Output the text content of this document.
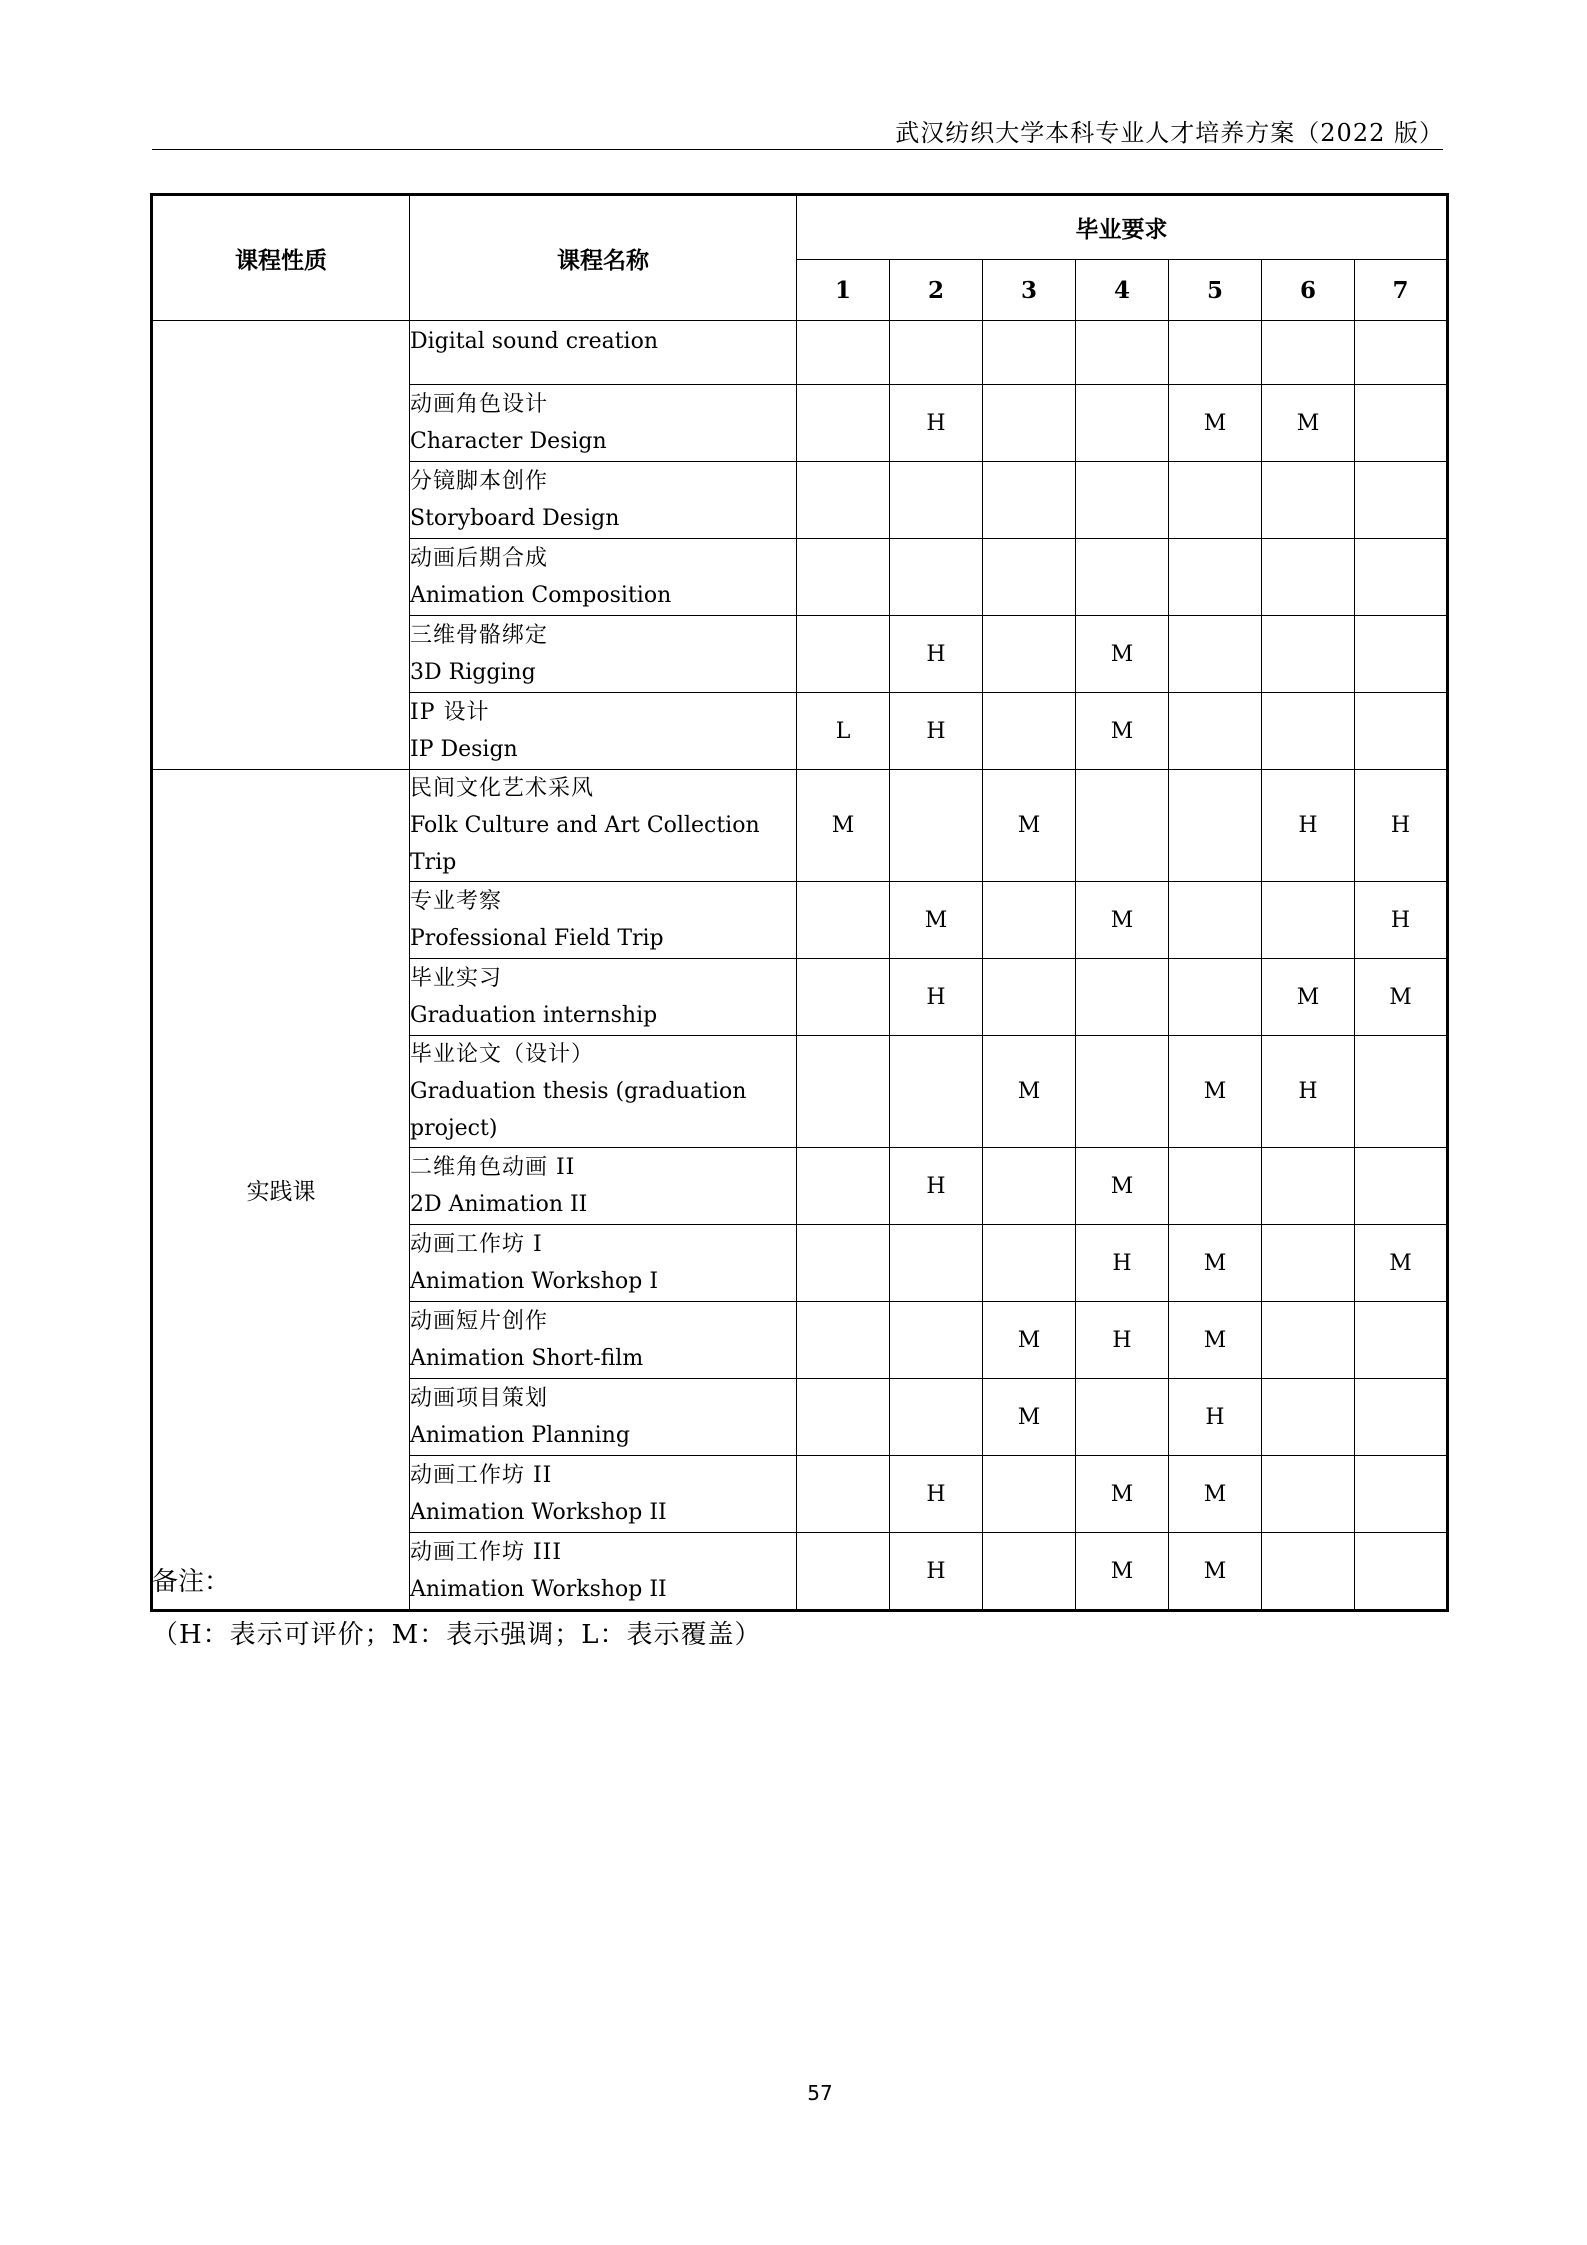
武汉纺织大学本科专业人才培养方案（2022 版）
课程性质	课程名称	毕业要求						
		1	2	3	4	5	6	7

	Digital sound creation							

	动画角色设计
Character Design		H			M	M	

	分镜脚本创作
Storyboard Design							

	动画后期合成
Animation Composition							

	三维骨骼绑定
3D Rigging		H		M			

	IP 设计
IP Design	L	H		M			
实践课	民间文化艺术采风
Folk Culture and Art Collection Trip	M		M			H	H

	专业考察
Professional Field Trip		M		M			H

	毕业实习
Graduation internship		H				M	M

	毕业论文（设计）
Graduation thesis (graduation project)			M		M	H	

	二维角色动画 II
2D Animation II		H		M			

	动画工作坊 I
Animation Workshop I				H	M		M

	动画短片创作
Animation Short-film			M	H	M		

	动画项目策划
Animation Planning			M		H		

	动画工作坊 II
Animation Workshop II		H		M	M		

	动画工作坊 III
Animation Workshop II		H		M	M		
备注：
（H：表示可评价；M：表示强调；L：表示覆盖）
57
